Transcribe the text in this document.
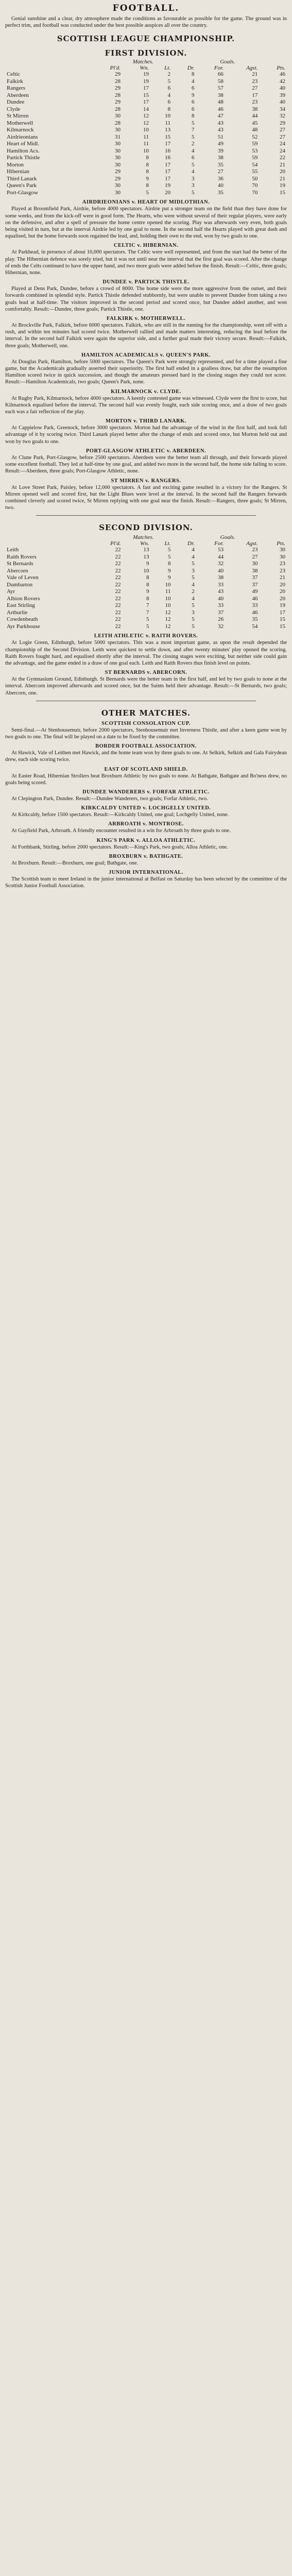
FOOTBALL.

Genial sunshine and a clear, dry atmosphere made the conditions as favourable as possible for the game. The ground was in perfect trim, and football was conducted under the best possible auspices all over the country.

SCOTTISH LEAGUE CHAMPIONSHIP.
FIRST DIVISION.
	Matches.				Goals.		
	Pl'd.	Wn.	Lt.	Dr.	For.	Agst.	Pts.
Celtic	29	19	2	8	66	21	46
Falkirk	28	19	5	4	58	23	42
Rangers	29	17	6	6	57	27	40
Aberdeen	28	15	4	9	38	17	39
Dundee	29	17	6	6	48	23	40
Clyde	28	14	8	6	46	38	34
St Mirren	30	12	10	8	47	44	32
Motherwell	28	12	11	5	43	45	29
Kilmarnock	30	10	13	7	43	48	27
Airdrieonians	31	11	15	5	51	52	27
Heart of Midl.	30	11	17	2	49	59	24
Hamilton Acs.	30	10	16	4	39	53	24
Partick Thistle	30	8	16	6	38	59	22
Morton	30	8	17	5	35	54	21
Hibernian	29	8	17	4	27	55	20
Third Lanark	29	9	17	3	36	50	21
Queen's Park	30	8	19	3	40	70	19
Port-Glasgow	30	5	20	5	35	70	15
AIRDRIEONIANS v. HEART OF MIDLOTHIAN.

Played at Broomfield Park, Airdrie, before 4000 spectators. Airdrie put a stronger team on the field than they have done for some weeks, and from the kick-off were in good form. The Hearts, who were without several of their regular players, were early on the defensive, and after a spell of pressure the home centre opened the scoring. Play was afterwards very even, both goals being visited in turn, but at the interval Airdrie led by one goal to none. In the second half the Hearts played with great dash and equalised, but the home forwards soon regained the lead, and, holding their own to the end, won by two goals to one.

CELTIC v. HIBERNIAN.

At Parkhead, in presence of about 10,000 spectators. The Celtic were well represented, and from the start had the better of the play. The Hibernian defence was sorely tried, but it was not until near the interval that the first goal was scored. After the change of ends the Celts continued to have the upper hand, and two more goals were added before the finish. Result:—Celtic, three goals; Hibernian, none.

DUNDEE v. PARTICK THISTLE.

Played at Dens Park, Dundee, before a crowd of 8000. The home side were the more aggressive from the outset, and their forwards combined in splendid style. Partick Thistle defended stubbornly, but were unable to prevent Dundee from taking a two goals lead at half-time. The visitors improved in the second period and scored once, but Dundee added another, and won comfortably. Result:—Dundee, three goals; Partick Thistle, one.

FALKIRK v. MOTHERWELL.

At Brockville Park, Falkirk, before 6000 spectators. Falkirk, who are still in the running for the championship, went off with a rush, and within ten minutes had scored twice. Motherwell rallied and made matters interesting, reducing the lead before the interval. In the second half Falkirk were again the superior side, and a further goal made their victory secure. Result:—Falkirk, three goals; Motherwell, one.

HAMILTON ACADEMICALS v. QUEEN'S PARK.

At Douglas Park, Hamilton, before 5000 spectators. The Queen's Park were strongly represented, and for a time played a fine game, but the Academicals gradually asserted their superiority. The first half ended in a goalless draw, but after the resumption Hamilton scored twice in quick succession, and though the amateurs pressed hard in the closing stages they could not score. Result:—Hamilton Academicals, two goals; Queen's Park, none.

KILMARNOCK v. CLYDE.

At Rugby Park, Kilmarnock, before 4000 spectators. A keenly contested game was witnessed. Clyde were the first to score, but Kilmarnock equalised before the interval. The second half was evenly fought, each side scoring once, and a draw of two goals each was a fair reflection of the play.

MORTON v. THIRD LANARK.

At Cappielow Park, Greenock, before 3000 spectators. Morton had the advantage of the wind in the first half, and took full advantage of it by scoring twice. Third Lanark played better after the change of ends and scored once, but Morton held out and won by two goals to one.

PORT-GLASGOW ATHLETIC v. ABERDEEN.

At Clune Park, Port-Glasgow, before 2500 spectators. Aberdeen were the better team all through, and their forwards played some excellent football. They led at half-time by one goal, and added two more in the second half, the home side failing to score. Result:—Aberdeen, three goals; Port-Glasgow Athletic, none.

ST MIRREN v. RANGERS.

At Love Street Park, Paisley, before 12,000 spectators. A fast and exciting game resulted in a victory for the Rangers. St Mirren opened well and scored first, but the Light Blues were level at the interval. In the second half the Rangers forwards combined cleverly and scored twice, St Mirren replying with one goal near the finish. Result:—Rangers, three goals; St Mirren, two.

SECOND DIVISION.
	Matches.				Goals.		
	Pl'd.	Wn.	Lt.	Dr.	For.	Agst.	Pts.
Leith	22	13	5	4	53	23	30
Raith Rovers	22	13	5	4	44	27	30
St Bernards	22	9	8	5	32	30	23
Abercorn	22	10	9	3	40	38	23
Vale of Leven	22	8	9	5	38	37	21
Dumbarton	22	8	10	4	33	37	20
Ayr	22	9	11	2	43	49	20
Albion Rovers	22	8	10	4	40	46	20
East Stirling	22	7	10	5	33	33	19
Arthurlie	22	7	12	3	37	46	17
Cowdenbeath	22	5	12	5	26	35	15
Ayr Parkhouse	22	5	12	5	32	54	15
LEITH ATHLETIC v. RAITH ROVERS.

At Logie Green, Edinburgh, before 5000 spectators. This was a most important game, as upon the result depended the championship of the Second Division. Leith were quickest to settle down, and after twenty minutes' play opened the scoring. Raith Rovers fought hard, and equalised shortly after the interval. The closing stages were exciting, but neither side could gain the advantage, and the game ended in a draw of one goal each. Leith and Raith Rovers thus finish level on points.

ST BERNARDS v. ABERCORN.

At the Gymnasium Ground, Edinburgh. St Bernards were the better team in the first half, and led by two goals to none at the interval. Abercorn improved afterwards and scored once, but the Saints held their advantage. Result:—St Bernards, two goals; Abercorn, one.

OTHER MATCHES.
SCOTTISH CONSOLATION CUP.

Semi-final.—At Stenhousemuir, before 2000 spectators, Stenhousemuir met Inverness Thistle, and after a keen game won by two goals to one. The final will be played on a date to be fixed by the committee.

BORDER FOOTBALL ASSOCIATION.

At Hawick, Vale of Leithen met Hawick, and the home team won by three goals to one. At Selkirk, Selkirk and Gala Fairydean drew, each side scoring twice.

EAST OF SCOTLAND SHIELD.

At Easter Road, Hibernian Strollers beat Broxburn Athletic by two goals to none. At Bathgate, Bathgate and Bo'ness drew, no goals being scored.

DUNDEE WANDERERS v. FORFAR ATHLETIC.

At Clepington Park, Dundee. Result:—Dundee Wanderers, two goals; Forfar Athletic, two.

KIRKCALDY UNITED v. LOCHGELLY UNITED.

At Kirkcaldy, before 1500 spectators. Result:—Kirkcaldy United, one goal; Lochgelly United, none.

ARBROATH v. MONTROSE.

At Gayfield Park, Arbroath. A friendly encounter resulted in a win for Arbroath by three goals to one.

KING'S PARK v. ALLOA ATHLETIC.

At Forthbank, Stirling, before 2000 spectators. Result:—King's Park, two goals; Alloa Athletic, one.

BROXBURN v. BATHGATE.

At Broxburn. Result:—Broxburn, one goal; Bathgate, one.

JUNIOR INTERNATIONAL.

The Scottish team to meet Ireland in the junior international at Belfast on Saturday has been selected by the committee of the Scottish Junior Football Association.
